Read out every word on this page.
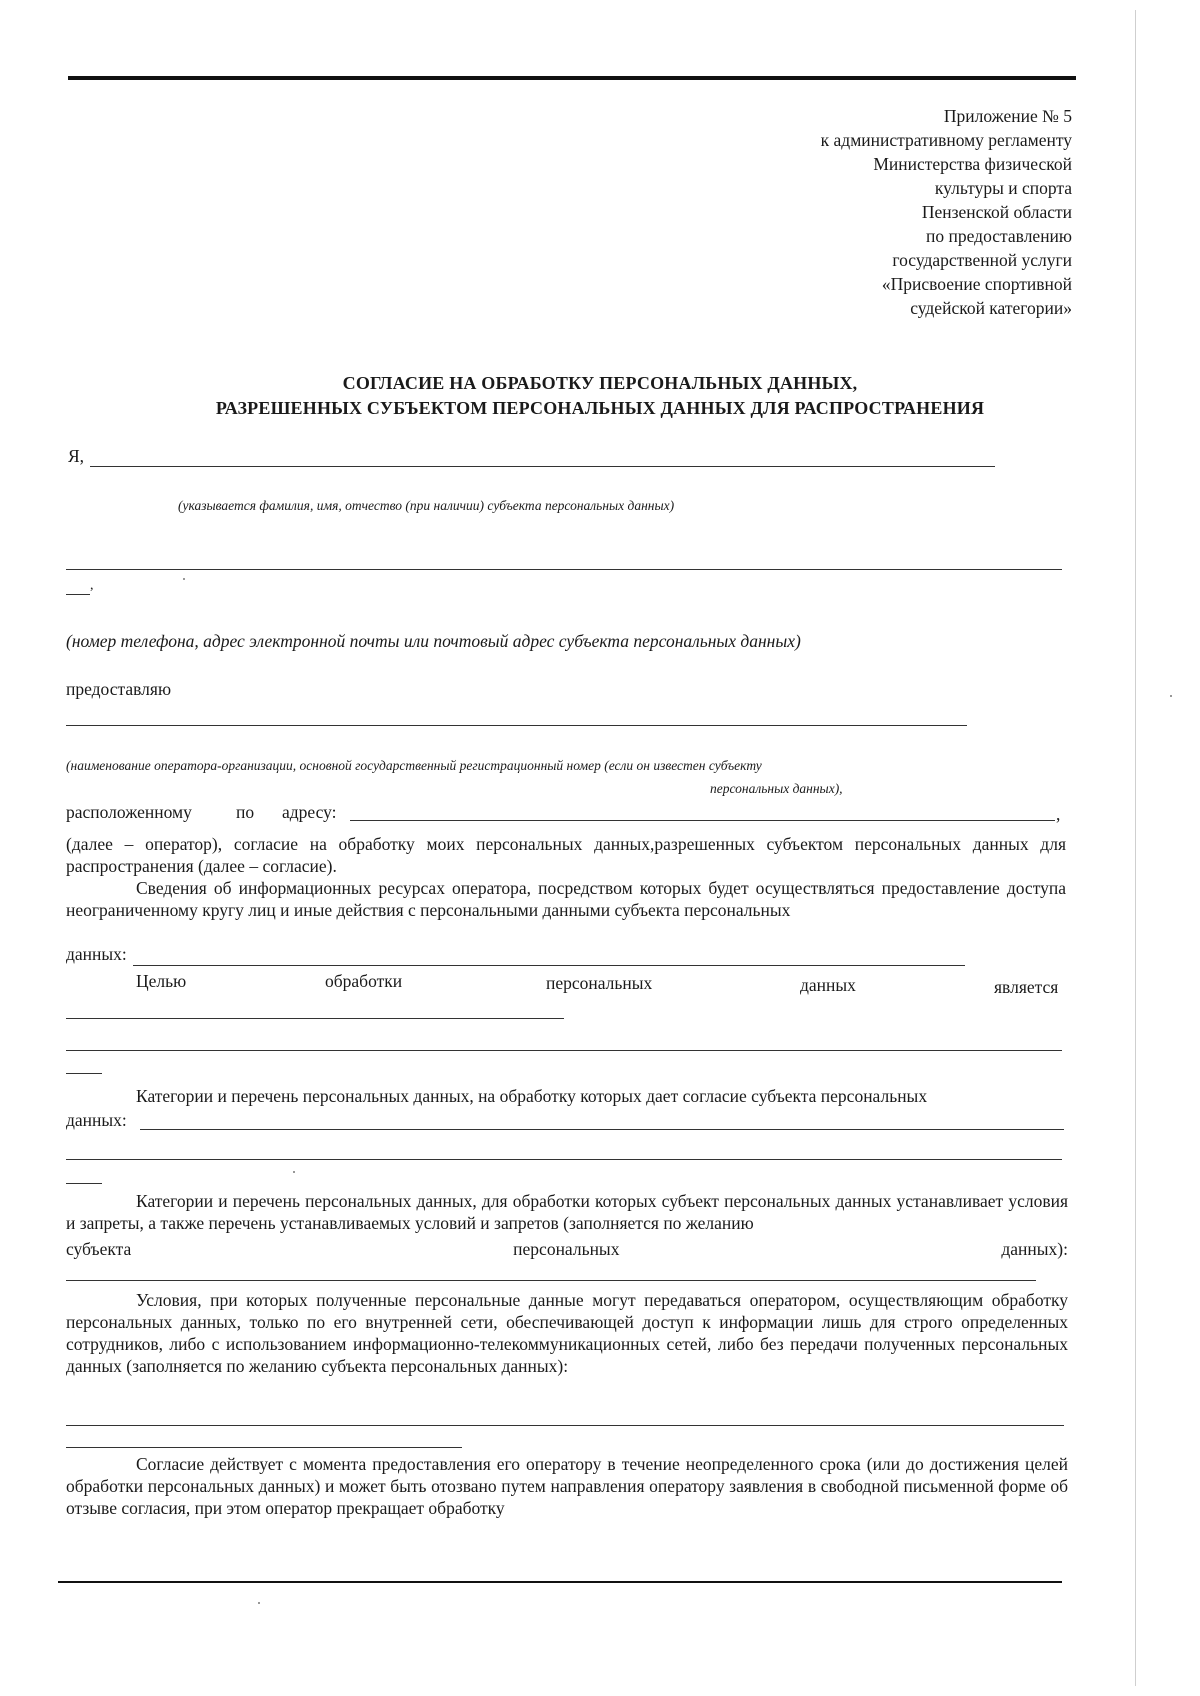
Приложение № 5
к административному регламенту
Министерства физической
культуры и спорта
Пензенской области
по предоставлению
государственной услуги
«Присвоение спортивной
судейской категории»
СОГЛАСИЕ НА ОБРАБОТКУ ПЕРСОНАЛЬНЫХ ДАННЫХ,
РАЗРЕШЕННЫХ СУБЪЕКТОМ ПЕРСОНАЛЬНЫХ ДАННЫХ ДЛЯ РАСПРОСТРАНЕНИЯ
Я,
(указывается фамилия, имя, отчество (при наличии) субъекта персональных данных)
,
(номер телефона, адрес электронной почты или почтовый адрес субъекта персональных данных)
предоставляю
(наименование оператора-организации, основной государственный регистрационный номер (если он известен субъекту
персональных данных),
расположенному	по адресу:	,
(далее – оператор), согласие на обработку моих персональных данных,разрешенных субъектом персональных данных для распространения (далее – согласие).
Сведения об информационных ресурсах оператора, посредством которых будет осуществляться предоставление доступа неограниченному кругу лиц и иные действия с персональными данными субъекта персональных
данных:
Целью	обработки	персональных	данных	является
Категории и перечень персональных данных, на обработку которых дает согласие субъекта персональных
данных:
Категории и перечень персональных данных, для обработки которых субъект персональных данных устанавливает условия и запреты, а также перечень устанавливаемых условий и запретов (заполняется по желанию
субъекта	персональных	данных):
Условия, при которых полученные персональные данные могут передаваться оператором, осуществляющим обработку персональных данных, только по его внутренней сети, обеспечивающей доступ к информации лишь для строго определенных сотрудников, либо с использованием информационно-телекоммуникационных сетей, либо без передачи полученных персональных данных (заполняется по желанию субъекта персональных данных):
Согласие действует с момента предоставления его оператору в течение неопределенного срока (или до достижения целей обработки персональных данных) и может быть отозвано путем направления оператору заявления в свободной письменной форме об отзыве согласия, при этом оператор прекращает обработку
